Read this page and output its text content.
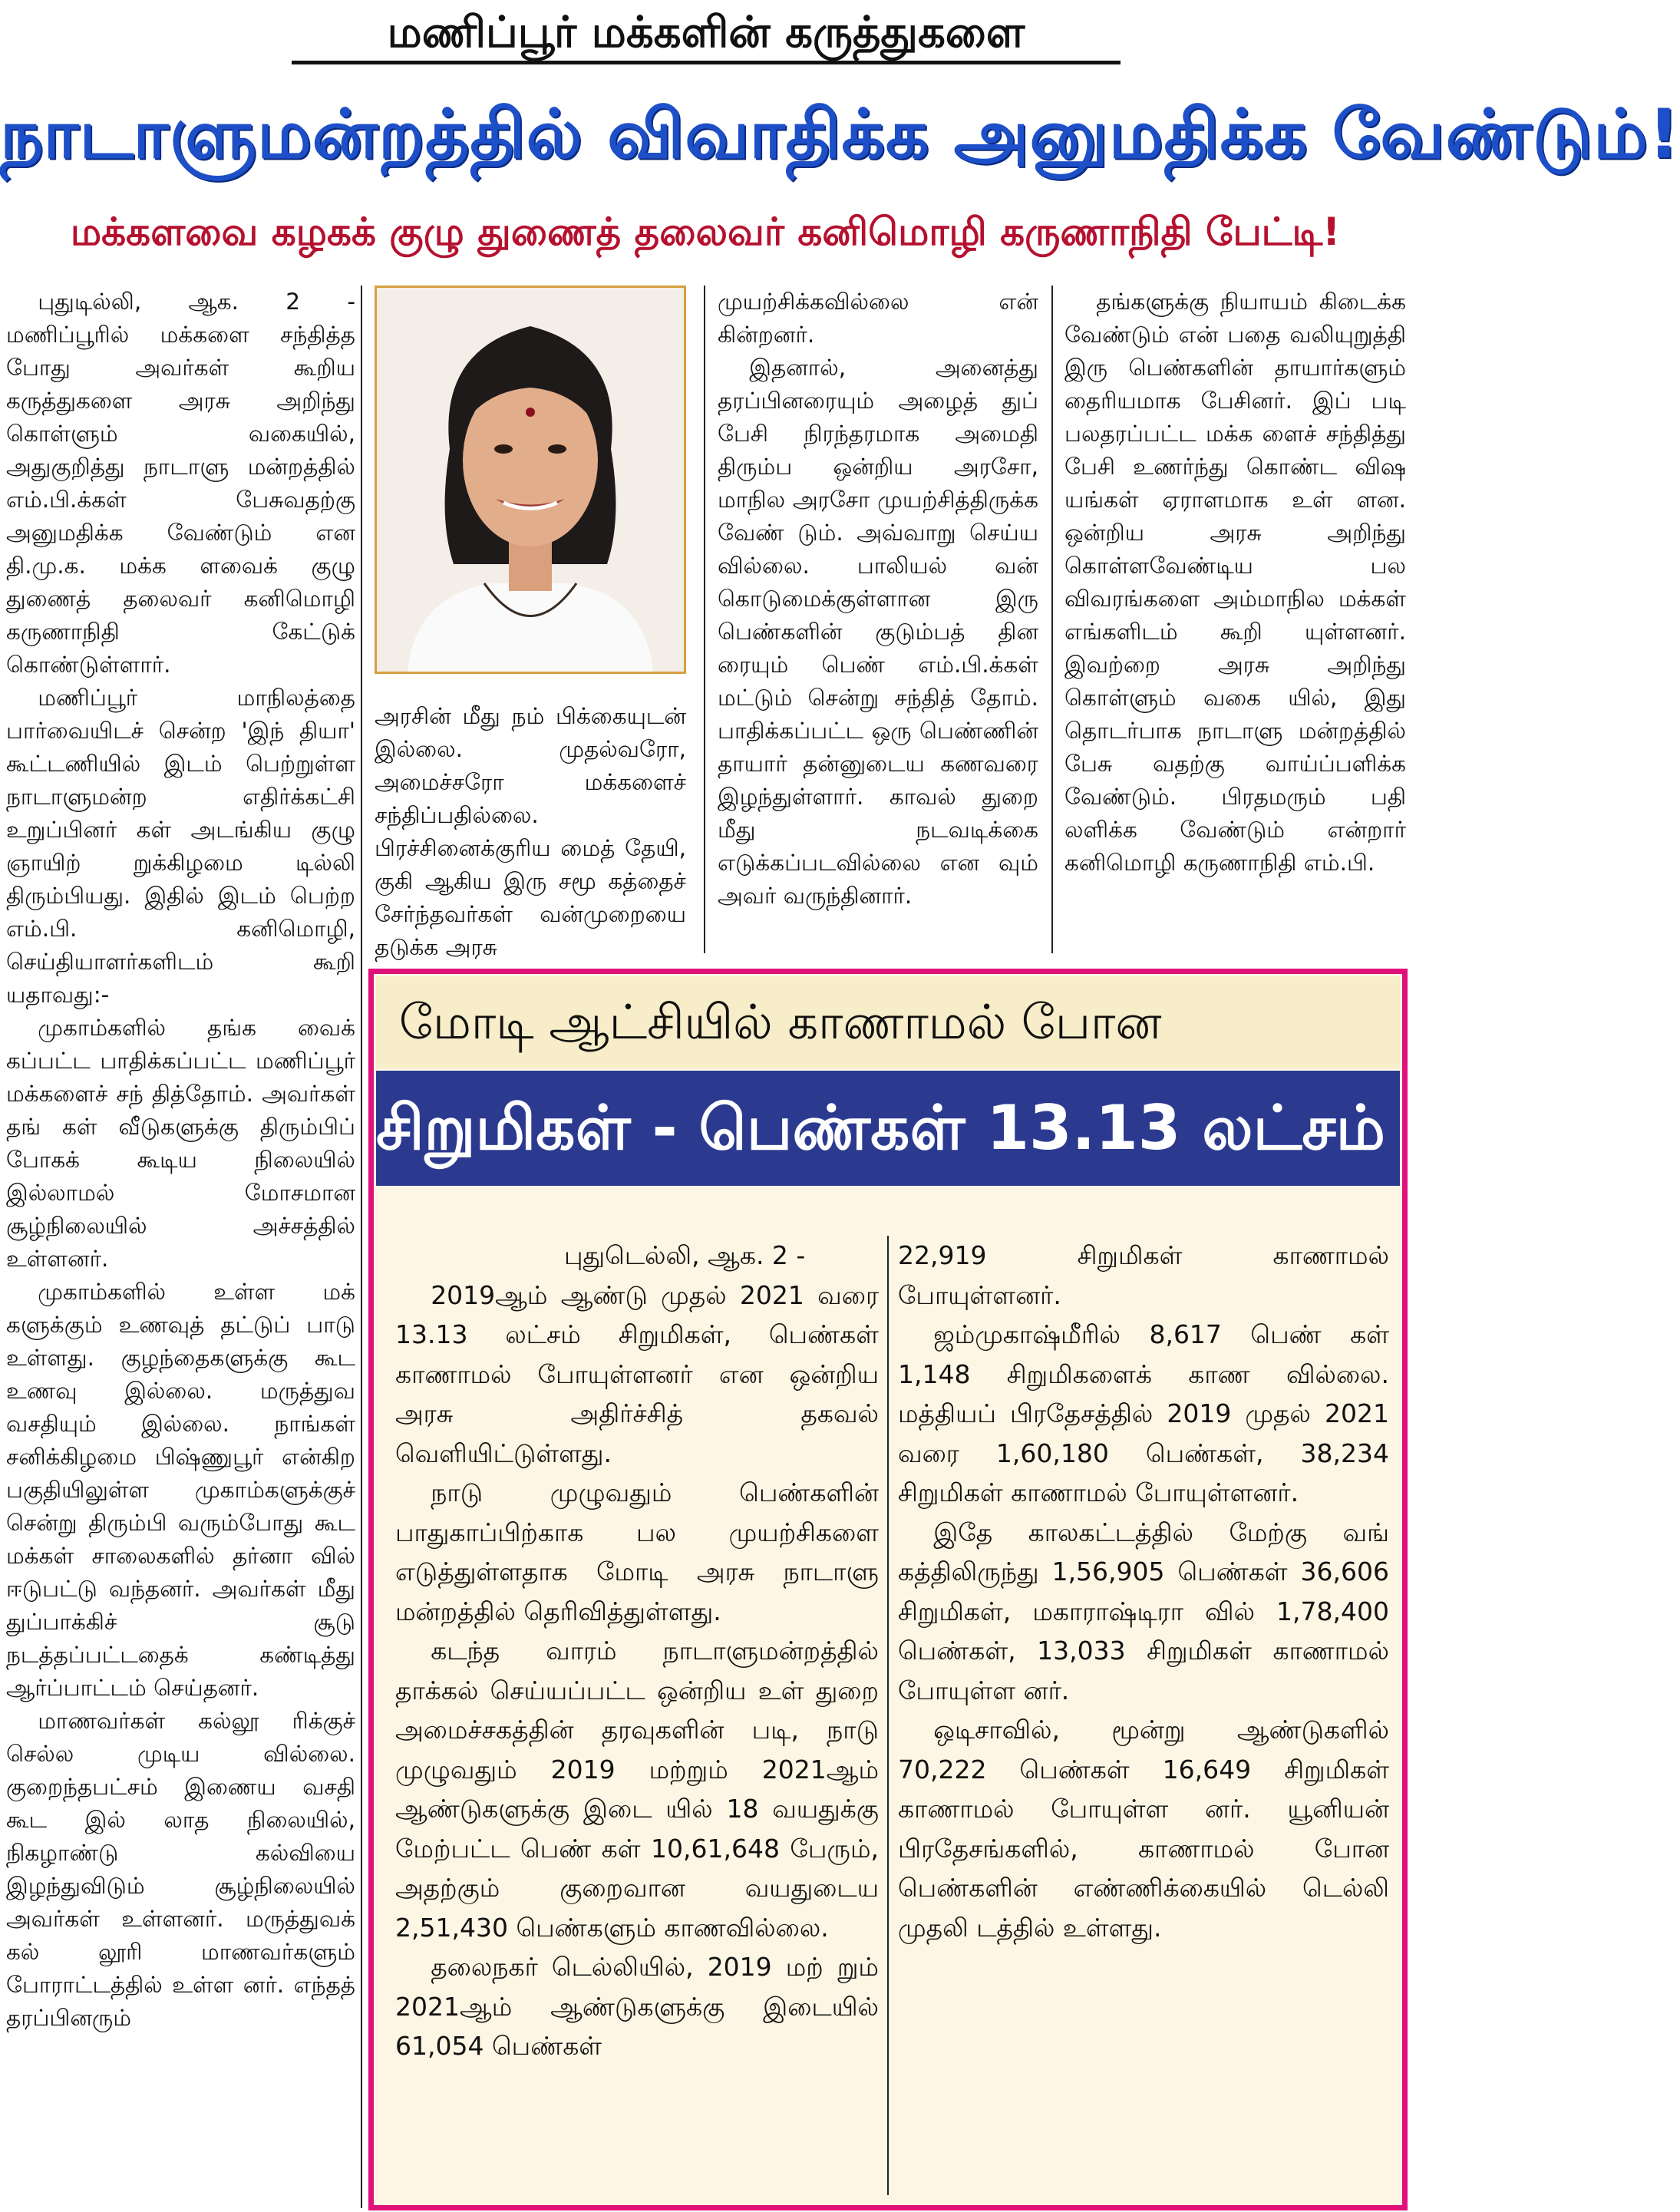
மணிப்பூர் மக்களின் கருத்துகளை
நாடாளுமன்றத்தில் விவாதிக்க அனுமதிக்க வேண்டும்!
மக்களவை கழகக் குழு துணைத் தலைவர் கனிமொழி கருணாநிதி பேட்டி!

புதுடில்லி, ஆக. 2 - மணிப்பூரில் மக்களை சந்தித்த போது அவர்கள் கூறிய கருத்துகளை அரசு அறிந்து கொள்ளும் வகையில், அதுகுறித்து நாடாளு மன்றத்தில் எம்.பி.க்கள் பேசுவதற்கு அனுமதிக்க வேண்டும் என தி.மு.க. மக்க ளவைக் குழு துணைத் தலைவர் கனிமொழி கருணாநிதி கேட்டுக் கொண்டுள்ளார்.

மணிப்பூர் மாநிலத்தை பார்வையிடச் சென்ற 'இந் தியா' கூட்டணியில் இடம் பெற்றுள்ள நாடாளுமன்ற எதிர்க்கட்சி உறுப்பினர் கள் அடங்கிய குழு ஞாயிற் றுக்கிழமை டில்லி திரும்பியது. இதில் இடம் பெற்ற எம்.பி. கனிமொழி, செய்தியாளர்களிடம் கூறி யதாவது:-

முகாம்களில் தங்க வைக் கப்பட்ட பாதிக்கப்பட்ட மணிப்பூர் மக்களைச் சந் தித்தோம். அவர்கள் தங் கள் வீடுகளுக்கு திரும்பிப் போகக் கூடிய நிலையில் இல்லாமல் மோசமான சூழ்நிலையில் அச்சத்தில் உள்ளனர்.

முகாம்களில் உள்ள மக் களுக்கும் உணவுத் தட்டுப் பாடு உள்ளது. குழந்தைகளுக்கு கூட உணவு இல்லை. மருத்துவ வசதியும் இல்லை. நாங்கள் சனிக்கிழமை பிஷ்ணுபூர் என்கிற பகுதியிலுள்ள முகாம்களுக்குச் சென்று திரும்பி வரும்போது கூட மக்கள் சாலைகளில் தர்னா வில் ஈடுபட்டு வந்தனர். அவர்கள் மீது துப்பாக்கிச் சூடு நடத்தப்பட்டதைக் கண்டித்து ஆர்ப்பாட்டம் செய்தனர்.

மாணவர்கள் கல்லூ ரிக்குச் செல்ல முடிய வில்லை. குறைந்தபட்சம் இணைய வசதி கூட இல் லாத நிலையில், நிகழாண்டு கல்வியை இழந்துவிடும் சூழ்நிலையில் அவர்கள் உள்ளனர். மருத்துவக் கல் லூரி மாணவர்களும் போராட்டத்தில் உள்ள னர். எந்தத் தரப்பினரும்

அரசின் மீது நம் பிக்கையுடன் இல்லை. முதல்வரோ, அமைச்சரோ மக்களைச் சந்திப்பதில்லை. பிரச்சினைக்குரிய மைத் தேயி, குகி ஆகிய இரு சமூ கத்தைச் சேர்ந்தவர்கள் வன்முறையை தடுக்க அரசு

முயற்சிக்கவில்லை என் கின்றனர்.

இதனால், அனைத்து தரப்பினரையும் அழைத் துப் பேசி நிரந்தரமாக அமைதி திரும்ப ஒன்றிய அரசோ, மாநில அரசோ முயற்சித்திருக்க வேண் டும். அவ்வாறு செய்ய வில்லை. பாலியல் வன் கொடுமைக்குள்ளான இரு பெண்களின் குடும்பத் தின ரையும் பெண் எம்.பி.க்கள் மட்டும் சென்று சந்தித் தோம். பாதிக்கப்பட்ட ஒரு பெண்ணின் தாயார் தன்னுடைய கணவரை இழந்துள்ளார். காவல் துறை மீது நடவடிக்கை எடுக்கப்படவில்லை என வும் அவர் வருந்தினார்.

தங்களுக்கு நியாயம் கிடைக்க வேண்டும் என் பதை வலியுறுத்தி இரு பெண்களின் தாயார்களும் தைரியமாக பேசினர். இப் படி பலதரப்பட்ட மக்க ளைச் சந்தித்து பேசி உணர்ந்து கொண்ட விஷ யங்கள் ஏராளமாக உள் ளன. ஒன்றிய அரசு அறிந்து கொள்ளவேண்டிய பல விவரங்களை அம்மாநில மக்கள் எங்களிடம் கூறி யுள்ளனர். இவற்றை அரசு அறிந்து கொள்ளும் வகை யில், இது தொடர்பாக நாடாளு மன்றத்தில் பேசு வதற்கு வாய்ப்பளிக்க வேண்டும். பிரதமரும் பதி லளிக்க வேண்டும் என்றார் கனிமொழி கருணாநிதி எம்.பி.

மோடி ஆட்சியில் காணாமல் போன
சிறுமிகள் - பெண்கள் 13.13 லட்சம் பேர்!

புதுடெல்லி, ஆக. 2 -

2019ஆம் ஆண்டு முதல் 2021 வரை 13.13 லட்சம் சிறுமிகள், பெண்கள் காணாமல் போயுள்ளனர் என ஒன்றிய அரசு அதிர்ச்சித் தகவல் வெளியிட்டுள்ளது.

நாடு முழுவதும் பெண்களின் பாதுகாப்பிற்காக பல முயற்சிகளை எடுத்துள்ளதாக மோடி அரசு நாடாளு மன்றத்தில் தெரிவித்துள்ளது.

கடந்த வாரம் நாடாளுமன்றத்தில் தாக்கல் செய்யப்பட்ட ஒன்றிய உள் துறை அமைச்சகத்தின் தரவுகளின் படி, நாடு முழுவதும் 2019 மற்றும் 2021ஆம் ஆண்டுகளுக்கு இடை யில் 18 வயதுக்கு மேற்பட்ட பெண் கள் 10,61,648 பேரும், அதற்கும் குறைவான வயதுடைய 2,51,430 பெண்களும் காணவில்லை.

தலைநகர் டெல்லியில், 2019 மற் றும் 2021ஆம் ஆண்டுகளுக்கு இடையில் 61,054 பெண்கள்

22,919 சிறுமிகள் காணாமல் போயுள்ளனர்.

ஜம்முகாஷ்மீரில் 8,617 பெண் கள் 1,148 சிறுமிகளைக் காண வில்லை. மத்தியப் பிரதேசத்தில் 2019 முதல் 2021 வரை 1,60,180 பெண்கள், 38,234 சிறுமிகள் காணாமல் போயுள்ளனர்.

இதே காலகட்டத்தில் மேற்கு வங் கத்திலிருந்து 1,56,905 பெண்கள் 36,606 சிறுமிகள், மகாராஷ்டிரா வில் 1,78,400 பெண்கள், 13,033 சிறுமிகள் காணாமல் போயுள்ள னர்.

ஒடிசாவில், மூன்று ஆண்டுகளில் 70,222 பெண்கள் 16,649 சிறுமிகள் காணாமல் போயுள்ள னர். யூனியன் பிரதேசங்களில், காணாமல் போன பெண்களின் எண்ணிக்கையில் டெல்லி முதலி டத்தில் உள்ளது.
